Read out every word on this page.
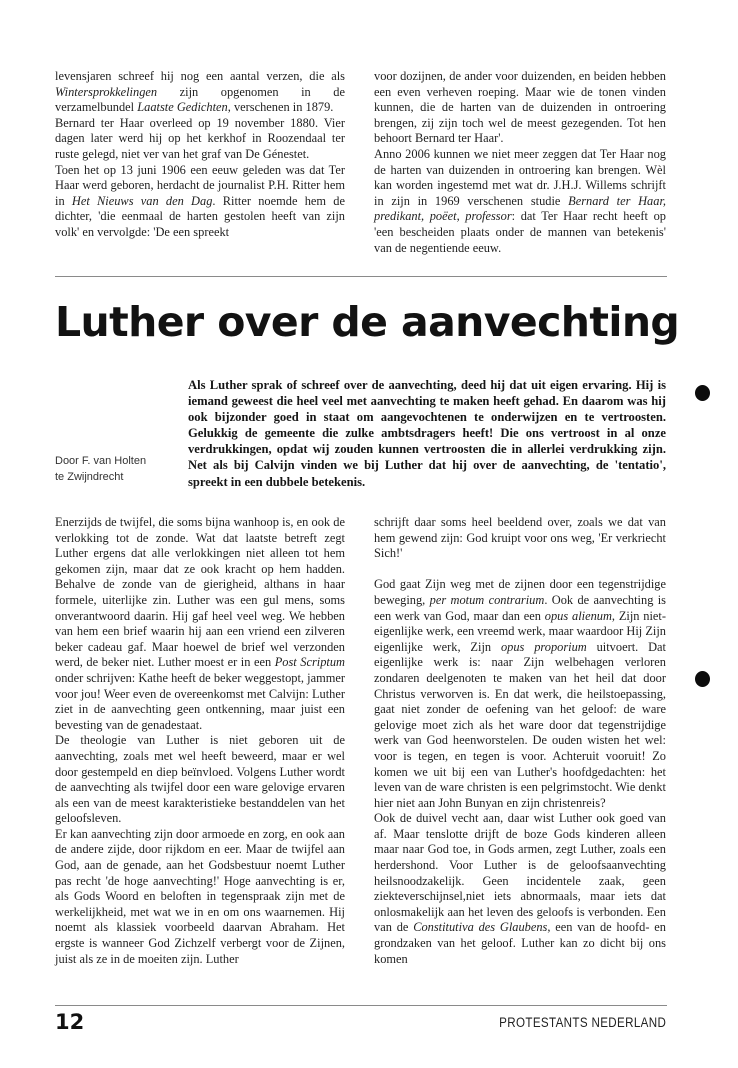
levensjaren schreef hij nog een aantal verzen, die als Wintersprokkelingen zijn opgenomen in de verzamelbundel Laatste Gedichten, verschenen in 1879.

Bernard ter Haar overleed op 19 november 1880. Vier dagen later werd hij op het kerkhof in Roozendaal ter ruste gelegd, niet ver van het graf van De Génestet.

Toen het op 13 juni 1906 een eeuw geleden was dat Ter Haar werd geboren, herdacht de journalist P.H. Ritter hem in Het Nieuws van den Dag. Ritter noemde hem de dichter, 'die eenmaal de harten gestolen heeft van zijn volk' en vervolgde: 'De een spreekt

voor dozijnen, de ander voor duizenden, en beiden hebben een even verheven roeping. Maar wie de tonen vinden kunnen, die de harten van de duizenden in ontroering brengen, zij zijn toch wel de meest gezegenden. Tot hen behoort Bernard ter Haar'.

Anno 2006 kunnen we niet meer zeggen dat Ter Haar nog de harten van duizenden in ontroering kan brengen. Wèl kan worden ingestemd met wat dr. J.H.J. Willems schrijft in zijn in 1969 verschenen studie Bernard ter Haar, predikant, poëet, professor: dat Ter Haar recht heeft op 'een bescheiden plaats onder de mannen van betekenis' van de negentiende eeuw.

Luther over de aanvechting
Als Luther sprak of schreef over de aanvechting, deed hij dat uit eigen ervaring. Hij is iemand geweest die heel veel met aanvechting te maken heeft gehad. En daarom was hij ook bijzonder goed in staat om aangevochtenen te onderwijzen en te vertroosten. Gelukkig de gemeente die zulke ambtsdragers heeft! Die ons vertroost in al onze verdrukkingen, opdat wij zouden kunnen vertroosten die in allerlei verdrukking zijn. Net als bij Calvijn vinden we bij Luther dat hij over de aanvechting, de 'tentatio', spreekt in een dubbele betekenis.
Door F. van Holten
te Zwijndrecht

Enerzijds de twijfel, die soms bijna wanhoop is, en ook de verlokking tot de zonde. Wat dat laatste betreft zegt Luther ergens dat alle verlokkingen niet alleen tot hem gekomen zijn, maar dat ze ook kracht op hem hadden. Behalve de zonde van de gierigheid, althans in haar formele, uiterlijke zin. Luther was een gul mens, soms onverantwoord daarin. Hij gaf heel veel weg. We hebben van hem een brief waarin hij aan een vriend een zilveren beker cadeau gaf. Maar hoewel de brief wel verzonden werd, de beker niet. Luther moest er in een Post Scriptum onder schrijven: Kathe heeft de beker weggestopt, jammer voor jou! Weer even de overeenkomst met Calvijn: Luther ziet in de aanvechting geen ontkenning, maar juist een bevesting van de genadestaat.

De theologie van Luther is niet geboren uit de aanvechting, zoals met wel heeft beweerd, maar er wel door gestempeld en diep beïnvloed. Volgens Luther wordt de aanvechting als twijfel door een ware gelovige ervaren als een van de meest karakteristieke bestanddelen van het geloofsleven.

Er kan aanvechting zijn door armoede en zorg, en ook aan de andere zijde, door rijkdom en eer. Maar de twijfel aan God, aan de genade, aan het Godsbestuur noemt Luther pas recht 'de hoge aanvechting!' Hoge aanvechting is er, als Gods Woord en beloften in tegenspraak zijn met de werkelijkheid, met wat we in en om ons waarnemen. Hij noemt als klassiek voorbeeld daarvan Abraham. Het ergste is wanneer God Zichzelf verbergt voor de Zijnen, juist als ze in de moeiten zijn. Luther

schrijft daar soms heel beeldend over, zoals we dat van hem gewend zijn: God kruipt voor ons weg, 'Er verkriecht Sich!'

God gaat Zijn weg met de zijnen door een tegenstrijdige beweging, per motum contrarium. Ook de aanvechting is een werk van God, maar dan een opus alienum, Zijn niet-eigenlijke werk, een vreemd werk, maar waardoor Hij Zijn eigenlijke werk, Zijn opus proporium uitvoert. Dat eigenlijke werk is: naar Zijn welbehagen verloren zondaren deelgenoten te maken van het heil dat door Christus verworven is. En dat werk, die heilstoepassing, gaat niet zonder de oefening van het geloof: de ware gelovige moet zich als het ware door dat tegenstrijdige werk van God heenworstelen. De ouden wisten het wel: voor is tegen, en tegen is voor. Achteruit vooruit! Zo komen we uit bij een van Luther's hoofdgedachten: het leven van de ware christen is een pelgrimstocht. Wie denkt hier niet aan John Bunyan en zijn christenreis?

Ook de duivel vecht aan, daar wist Luther ook goed van af. Maar tenslotte drijft de boze Gods kinderen alleen maar naar God toe, in Gods armen, zegt Luther, zoals een herdershond. Voor Luther is de geloofsaanvechting heilsnoodzakelijk. Geen incidentele zaak, geen ziekteverschijnsel,niet iets abnormaals, maar iets dat onlosmakelijk aan het leven des geloofs is verbonden. Een van de Constitutiva des Glaubens, een van de hoofd- en grondzaken van het geloof. Luther kan zo dicht bij ons komen

12	PROTESTANTS NEDERLAND
